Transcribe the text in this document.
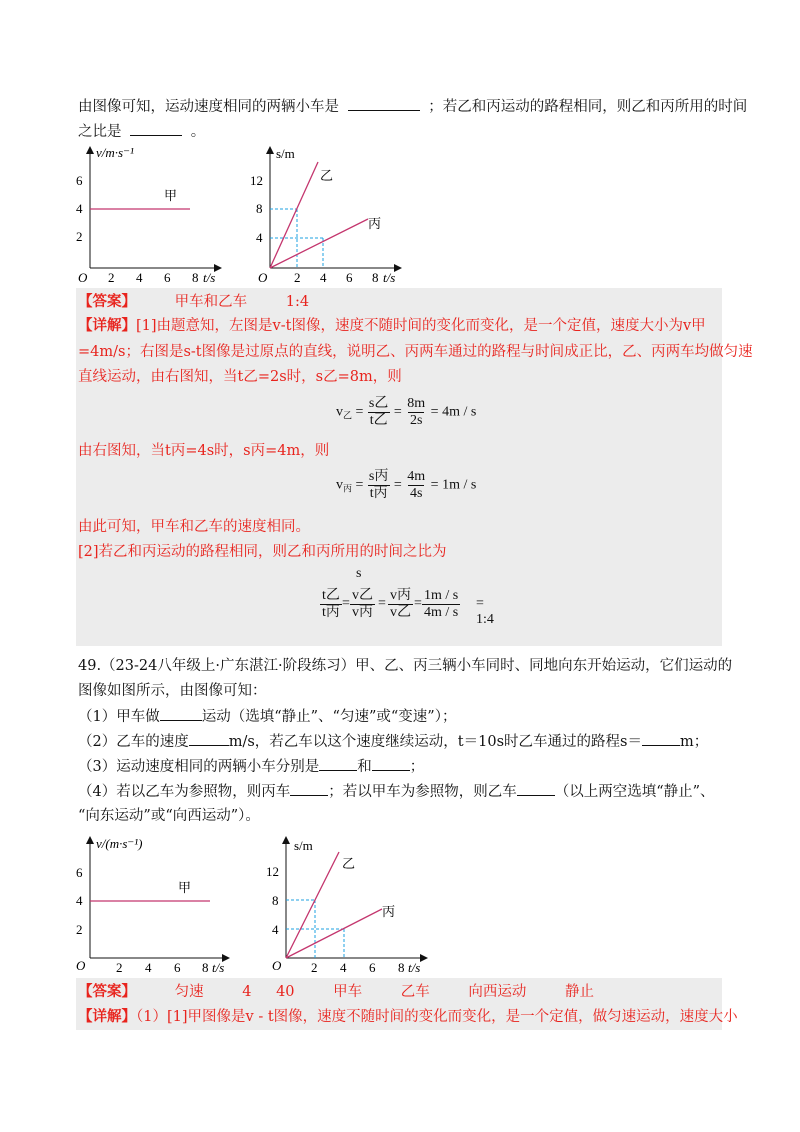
由图像可知，运动速度相同的两辆小车是	；若乙和丙运动的路程相同，则乙和丙所用的时间
之比是	。
v/m·s⁻¹
t/s
O
6
4
2
2 4 6 8
甲
s/m
t/s
O
12
8
4
2 4 6 8
乙
丙
【答案】	甲车和乙车	1:4
【详解】[1]由题意知，左图是v-t图像，速度不随时间的变化而变化，是一个定值，速度大小为v甲
=4m/s；右图是s-t图像是过原点的直线，说明乙、丙两车通过的路程与时间成正比，乙、丙两车均做匀速
直线运动，由右图知，当t乙=2s时，s乙=8m，则
$v_乙 = \frac{\text{s乙}}{\text{t乙}} = \frac{8m}{2s} = 4m / s$
由右图知，当t丙=4s时，s丙=4m，则
$v_丙 = \frac{\text{s丙}}{\text{t丙}} = \frac{4m}{4s} = 1m / s$
由此可知，甲车和乙车的速度相同。
[2]若乙和丙运动的路程相同，则乙和丙所用的时间之比为
s
$\frac{\text{t乙}}{\text{t丙}} = \frac{\text{v乙}}{\text{v丙}} = \frac{\text{v丙}}{\text{v乙}} = \frac{1m / s}{4m / s}$ = 1:4
49.（23-24八年级上·广东湛江·阶段练习）甲、乙、丙三辆小车同时、同地向东开始运动，它们运动的
图像如图所示，由图像可知：
（1）甲车做	运动（选填“静止”、“匀速”或“变速”）；
（2）乙车的速度	m/s，若乙车以这个速度继续运动，t＝10s时乙车通过的路程s＝	m；
（3）运动速度相同的两辆小车分别是	和	；
（4）若以乙车为参照物，则丙车	；若以甲车为参照物，则乙车	（以上两空选填“静止”、
“向东运动”或“向西运动”）。
v/(m·s⁻¹)
t/s
O
6
4
2
2 4 6 8
甲
s/m
t/s
O
12
8
4
2 4 6 8
乙
丙
【答案】	匀速	4 40	甲车	乙车	向西运动	静止
【详解】（1）[1]甲图像是v - t图像，速度不随时间的变化而变化，是一个定值，做匀速运动，速度大小
